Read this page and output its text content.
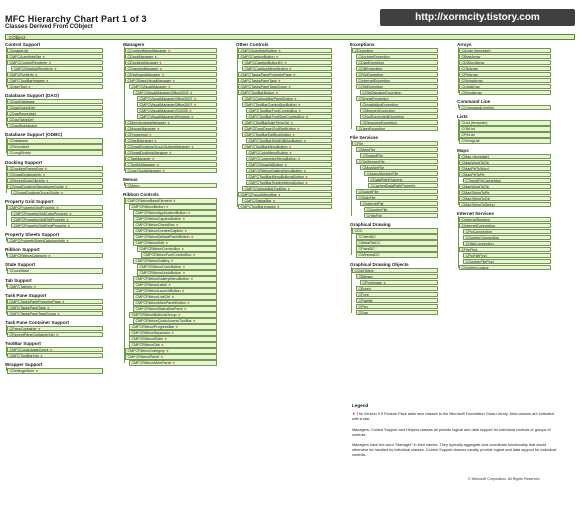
MFC Hierarchy Chart Part 1 of 3
Classes Derived From CObject
http://xormcity.tistory.com
CObject
Control Support
CImageList
CMFCAutoHideBar ★
CMFCControlRenderer ★
CMFCShadowRenderer ★
CMFCFontInfo ★
CMFCToolBarImages ★
CUserTool ★
Database Support (DAO)
CDaoDatabase
CDaoQueryDef
CDaoRecordset
CDaoTableDef
CDaoWorkspace
Database Support (ODBC)
CDatabase
CRecordset
CLongBinary
Docking Support
CDockingPanesRow ★
CSmartDockingInfo ★
CRecentDockSiteInfo ★
CSmartDockingStandaloneGuide ★
CSmartDockingGroupGuide ★
Property Grid Support
CMFCPropertyGridProperty ★
CMFCPropertyGridColorProperty ★
CMFCPropertyGridFileProperty ★
CMFCPropertyGridFontProperty ★
Property Sheets Support
CMFCPropertySheetCategoryInfo ★
Ribbon Support
CMFCRibbonCategory ★
State Support
CDockState
Tab Support
CMFCTabInfo ★
Task Pane Support
CMFCTasksPanePropertyPage ★
CMFCTasksPaneTask ★
CMFCTasksPaneTaskGroup ★
Task Pane Container Support
CPaneContainer ★
CRecentPaneContainerInfo ★
ToolBar Support
CMFCCmdUsageCount ★
CMFCToolBarInfo ★
Wrapper Support
CSettingsStore ★
Managers
CContextMenuManager ★
CDockManager ★
CDockingManager ★
CDrawingManager ★
CKeyboardManager ★
CMFCBaseVisualManager ★
CMFCVisualManager ★
CMFCVisualManagerOffice2003 ★
CMFCVisualManagerOffice2007 ★
CMFCVisualManagerOffice2007 ★
CMFCVisualManagerVS2005 ★
CMFCVisualManagerWindows ★
CMenuImagesManager ★
CMouseManager ★
CFrameImpl ★
CShellManager ★
CSmartDockingGroupGuidesManager ★
CSmartDockingManager ★
CTagManager ★
CTooltipManager ★
CUserToolsManager ★
Menus
CMenu
Ribbon Controls
CMFCRibbonBaseElement ★
CMFCRibbonButton ★
CMFCRibbonApplicationButton ★
CMFCRibbonCaptionButton ★
CMFCRibbonCheckBox ★
CMFCRibbonContextCaption ★
CMFCRibbonDefaultPanelButton ★
CMFCRibbonEdit ★
CMFCRibbonComboBox ★
CMFCRibbonFontComboBox ★
CMFCRibbonGallery ★
CMFCRibbonColorButton ★
CMFCRibbonUndoButton ★
CMFCRibbonGalleryMenuButton ★
CMFCRibbonLabel ★
CMFCRibbonLaunchButton ★
CMFCRibbonLinkCtrl ★
CMFCRibbonMainPanelButton ★
CMFCRibbonStatusBarPane ★
CMFCRibbonButtonsGroup ★
CMFCRibbonQuickAccessToolBar ★
CMFCRibbonProgressBar ★
CMFCRibbonSeparator ★
CMFCRibbonSlider ★
CMFCRibbonTab ★
CMFCRibbonCategory ★
CMFCRibbonPanel ★
CMFCRibbonMainPanel ★
Other Controls
CMFCAutoHideButton ★
CMFCCaptionButton ★
CMFCCaptionButtonEx ★
CMFCCaptionMenuButton ★
CMFCTasksPanePropertyPage ★
CMFCTasksPaneTask ★
CMFCTasksPaneTaskGroup ★
CMFCToolBarButton ★
CMFCOutlookBarPaneButton ★
CMFCToolBarComboBoxButton ★
CMFCToolBarFontComboBox ★
CMFCToolBarFontSizeComboBox ★
CMFCToolBarDateTimeCtrl ★
CMFCDropDownToolBarButton ★
CMFCToolBarEditBoxButton ★
CMFCToolBarSpinEditBoxButton ★
CMFCToolBarMenuButton ★
CMFCColorMenuButton ★
CMFCCustomizeMenuButton ★
CMFCShowAllButton ★
CMFCRibbonGalleryMenuButton ★
CMFCToolBarMenuButtonsButton ★
CMFCToolBarSystemMenuButton ★
CMFCOutlookBarToolBar ★
CMFCPopupMenuBar ★
CMFCStatusBar ★
CMFCToolBarImages ★
Exceptions
CException
CArchiveException
CDaoException
CDBException
CFileException
CInternetException
COleException
COleDispatchException
CSimpleException
CInvalidArgException
CMemoryException
CNotSupportedException
CResourceException
CUserException
File Services
CFile
CMemFile
CSharedFile
COleStreamFile
CMonikerFile
CAsyncMonikerFile
CDataPathProperty
CCachedDataPathProperty
CSocketFile
CStdioFile
CInternetFile
CGopherFile
CHttpFile
Graphical Drawing
CDC
CClientDC
CMetaFileDC
CPaintDC
CWindowDC
Graphical Drawing Objects
CGdiObject
CBitmap
CPngImage ★
CBrush
CFont
CPalette
CPen
CRgn
Arrays
CArray (template)
CByteArray
CDWordArray
CObArray
CPtrArray
CStringArray
CUIntArray
CWordArray
Command Line
CCommandLineInfo
Lists
CList (template)
CObList
CPtrList
CStringList
Maps
CMap (template)
CMapWordToOb
CMapPtrToWord
CMapPtrToPtr
CTypedPtrCacheMap
CMapWordToOb
CMapStringToPtr
CMapStringToOb
CMapStringToString
Internet Services
CInternetSession
CInternetConnection
CFtpConnection
CGopherConnection
CHttpConnection
CFileFind
CFtpFileFind
CGopherFileFind
CGopherLocator
Legend
★ The Version 9.0 Feature Pack adds new classes to the Microsoft Foundation Class Library. New classes are indicated with a star.
Managers, Control Support and Helpers classes all provide logical and data support for individual controls or groups of controls.
Managers have the word "Manager" in their names. They typically aggregate and coordinate functionality that would otherwise be handled by individual classes. Control Support classes usually provide logical and data support for individual controls.
© Microsoft Corporation. All Rights Reserved.
